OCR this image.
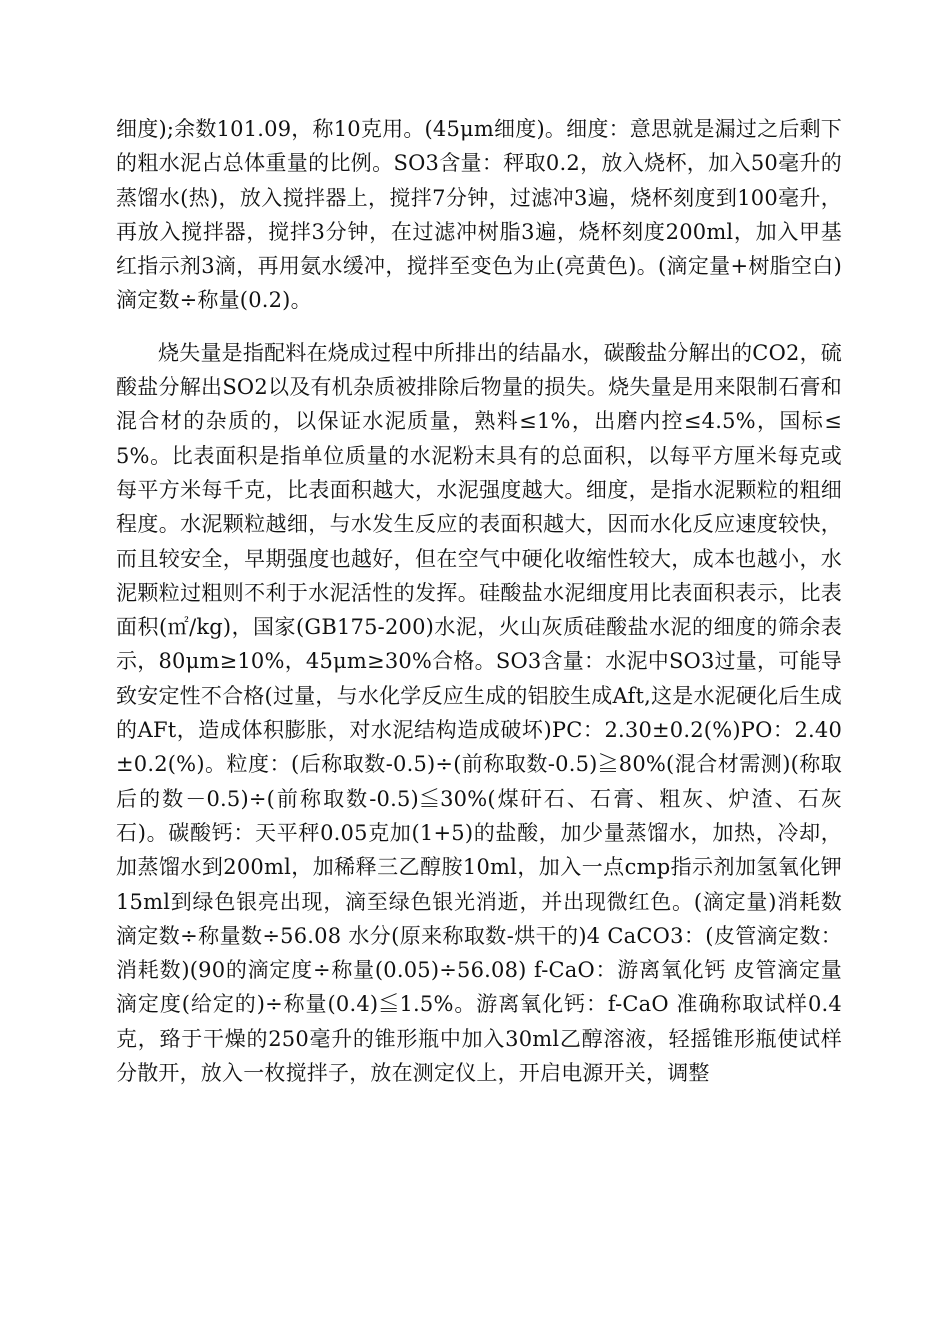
细度);余数101.09，称10克用。(45μm细度)。细度：意思就是漏过之后剩下的粗水泥占总体重量的比例。SO3含量：秤取0.2，放入烧杯，加入50毫升的蒸馏水(热)，放入搅拌器上，搅拌7分钟，过滤冲3遍，烧杯刻度到100毫升，再放入搅拌器，搅拌3分钟，在过滤冲树脂3遍，烧杯刻度200ml，加入甲基红指示剂3滴，再用氨水缓冲，搅拌至变色为止(亮黄色)。(滴定量+树脂空白)滴定数÷称量(0.2)。

烧失量是指配料在烧成过程中所排出的结晶水，碳酸盐分解出的CO2，硫酸盐分解出SO2以及有机杂质被排除后物量的损失。烧失量是用来限制石膏和混合材的杂质的，以保证水泥质量，熟料≤1%，出磨内控≤4.5%，国标≤5%。比表面积是指单位质量的水泥粉末具有的总面积，以每平方厘米每克或每平方米每千克，比表面积越大，水泥强度越大。细度，是指水泥颗粒的粗细程度。水泥颗粒越细，与水发生反应的表面积越大，因而水化反应速度较快，而且较安全，早期强度也越好，但在空气中硬化收缩性较大，成本也越小，水泥颗粒过粗则不利于水泥活性的发挥。硅酸盐水泥细度用比表面积表示，比表面积(㎡/kg)，国家(GB175-200)水泥，火山灰质硅酸盐水泥的细度的筛余表示，80μm≥10%，45μm≥30%合格。SO3含量：水泥中SO3过量，可能导致安定性不合格(过量，与水化学反应生成的铝胶生成Aft,这是水泥硬化后生成的AFt，造成体积膨胀，对水泥结构造成破坏)PC：2.30±0.2(%)PO：2.40±0.2(%)。粒度：(后称取数-0.5)÷(前称取数-0.5)≧80%(混合材需测)(称取后的数－0.5)÷(前称取数-0.5)≦30%(煤矸石、石膏、粗灰、炉渣、石灰石)。碳酸钙：天平秤0.05克加(1+5)的盐酸，加少量蒸馏水，加热，冷却，加蒸馏水到200ml，加稀释三乙醇胺10ml，加入一点cmp指示剂加氢氧化钾15ml到绿色银亮出现，滴至绿色银光消逝，并出现微红色。(滴定量)消耗数滴定数÷称量数÷56.08 水分(原来称取数-烘干的)4 CaCO3：(皮管滴定数：消耗数)(90的滴定度÷称量(0.05)÷56.08) f-CaO：游离氧化钙 皮管滴定量滴定度(给定的)÷称量(0.4)≦1.5%。游离氧化钙：f-CaO 准确称取试样0.4克，臵于干燥的250毫升的锥形瓶中加入30ml乙醇溶液，轻摇锥形瓶使试样分散开，放入一枚搅拌子，放在测定仪上，开启电源开关，调整
